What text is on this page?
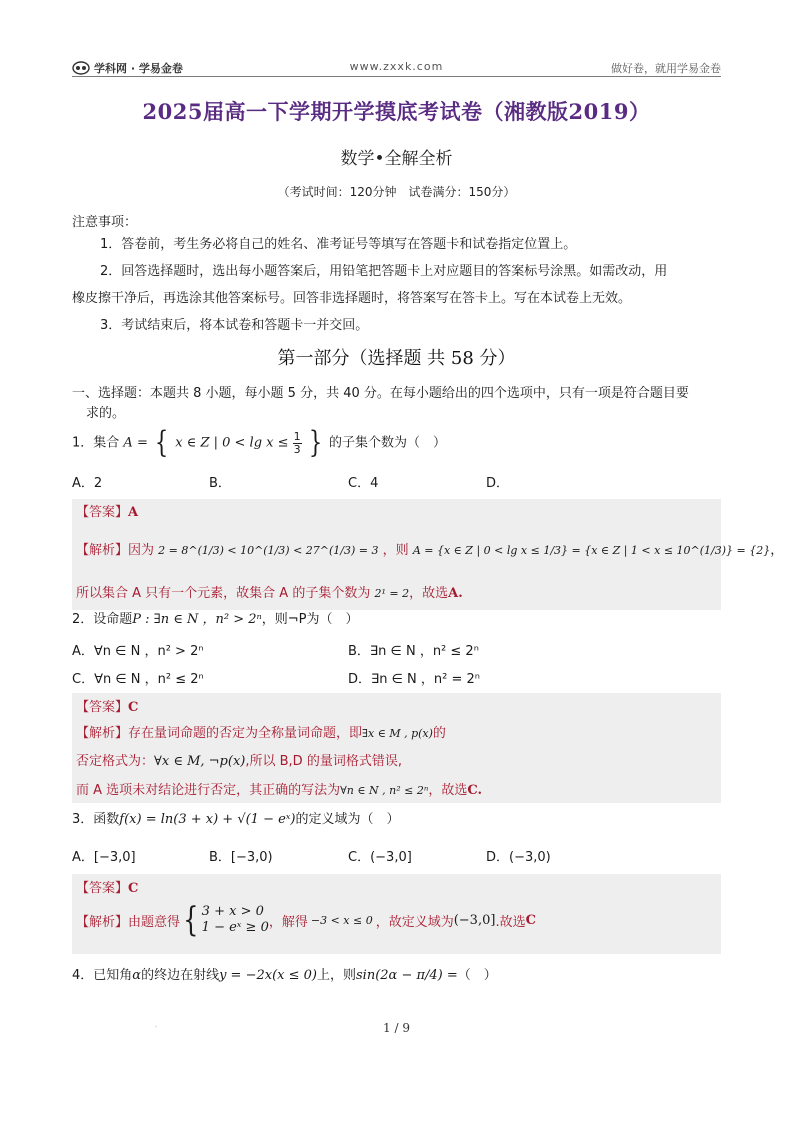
学科网 · 学易金卷	www.zxxk.com	做好卷，就用学易金卷
2025届高一下学期开学摸底考试卷（湘教版2019）
数学•全解全析
（考试时间：120分钟　试卷满分：150分）
注意事项：
1．答卷前，考生务必将自己的姓名、准考证号等填写在答题卡和试卷指定位置上。
2．回答选择题时，选出每小题答案后，用铅笔把答题卡上对应题目的答案标号涂黑。如需改动，用
橡皮擦干净后，再选涂其他答案标号。回答非选择题时，将答案写在答卡上。写在本试卷上无效。
3．考试结束后，将本试卷和答题卡一并交回。
第一部分（选择题 共 58 分）
一、选择题：本题共 8 小题，每小题 5 分，共 40 分。在每小题给出的四个选项中，只有一项是符合题目要
求的。
1．集合 A = { x ∈ Z | $0 < \lg x \le \frac{1}{3}$ } 的子集个数为（　）
A．2	B．	C．4	D．
【答案】A
【解析】因为 2 = 8^(1/3) < 10^(1/3) < 27^(1/3) = 3 ，则 A = {x ∈ Z | 0 < lg x ≤ 1/3} = {x ∈ Z | 1 < x ≤ 10^(1/3)} = {2}，
所以集合 A 只有一个元素，故集合 A 的子集个数为 2¹ = 2，故选A.
2．设命题P : ∃n ∈ N ，n² > 2ⁿ，则¬P为（　）
A．∀n ∈ N ，n² > 2ⁿ	B．∃n ∈ N ，n² ≤ 2ⁿ
C．∀n ∈ N ，n² ≤ 2ⁿ	D．∃n ∈ N ，n² = 2ⁿ
【答案】C
【解析】存在量词命题的否定为全称量词命题，即∃x ∈ M , p(x)的
否定格式为：∀x ∈ M, ¬p(x),所以 B,D 的量词格式错误,
而 A 选项未对结论进行否定，其正确的写法为∀n ∈ N , n² ≤ 2ⁿ，故选C.
3．函数f(x) = ln(3 + x) + √(1 − eˣ)的定义域为（　）
A．[−3,0]	B．[−3,0)	C．(−3,0]	D．(−3,0)
【答案】C
【解析】 由题意得 { 3 + x > 0
1 − eˣ ≥ 0 ，解得 −3 < x ≤ 0 ，故定义域为 (−3,0] .故选 C
4．已知角α的终边在射线y = −2x(x ≤ 0)上，则sin(2α − π/4) =（　）
'	1 / 9
